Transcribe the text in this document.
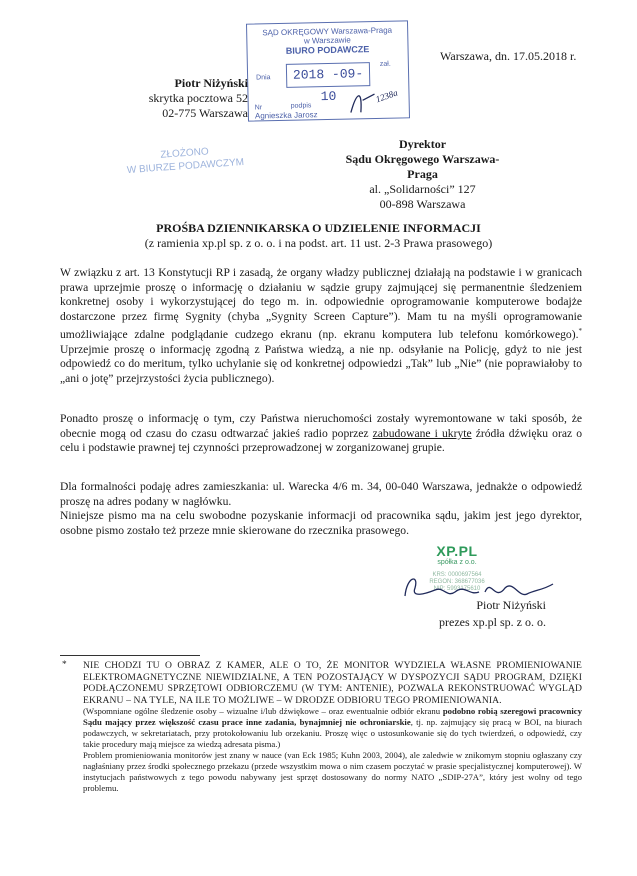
SĄD OKRĘGOWY Warszawa-Praga
w Warszawie
BIURO PODAWCZE
Dnia	2018 -09- 10
zał.
Nr	podpis
Agnieszka Jarosz
1238a
ZŁOŻONO
W BIURZE PODAWCZYM
Warszawa, dn. 17.05.2018 r.
Piotr Niżyński
skrytka pocztowa 52
02-775 Warszawa
Dyrektor
Sądu Okręgowego Warszawa-Praga
al. „Solidarności” 127
00-898 Warszawa
PROŚBA DZIENNIKARSKA O UDZIELENIE INFORMACJI
(z ramienia xp.pl sp. z o. o. i na podst. art. 11 ust. 2-3 Prawa prasowego)

W związku z art. 13 Konstytucji RP i zasadą, że organy władzy publicznej działają na podstawie i w granicach prawa uprzejmie proszę o informację o działaniu w sądzie grupy zajmującej się permanentnie śledzeniem konkretnej osoby i wykorzystującej do tego m. in. odpowiednie oprogramowanie komputerowe bodajże dostarczone przez firmę Sygnity (chyba „Sygnity Screen Capture”). Mam tu na myśli oprogramowanie umożliwiające zdalne podglądanie cudzego ekranu (np. ekranu komputera lub telefonu komórkowego).* Uprzejmie proszę o informację zgodną z Państwa wiedzą, a nie np. odsyłanie na Policję, gdyż to nie jest odpowiedź co do meritum, tylko uchylanie się od konkretnej odpowiedzi „Tak” lub „Nie” (nie poprawiałoby to „ani o jotę” przejrzystości życia publicznego).

Ponadto proszę o informację o tym, czy Państwa nieruchomości zostały wyremontowane w taki sposób, że obecnie mogą od czasu do czasu odtwarzać jakieś radio poprzez zabudowane i ukryte źródła dźwięku oraz o celu i podstawie prawnej tej czynności przeprowadzonej w zorganizowanej grupie.

Dla formalności podaję adres zamieszkania: ul. Warecka 4/6 m. 34, 00-040 Warszawa, jednakże o odpowiedź proszę na adres podany w nagłówku.

Niniejsze pismo ma na celu swobodne pozyskanie informacji od pracownika sądu, jakim jest jego dyrektor, osobne pismo zostało też przeze mnie skierowane do rzecznika prasowego.

XP.PL
spółka z o.o.
KRS: 0000697564
REGON: 368677036
NIP: 5993175610
Piotr Niżyński
prezes xp.pl sp. z o. o.
* NIE CHODZI TU O OBRAZ Z KAMER, ALE O TO, ŻE MONITOR WYDZIELA WŁASNE PROMIENIOWANIE ELEKTROMAGNETYCZNE NIEWIDZIALNE, A TEN POZOSTAJĄCY W DYSPOZYCJI SĄDU PROGRAM, DZIĘKI PODŁĄCZONEMU SPRZĘTOWI ODBIORCZEMU (W TYM: ANTENIE), POZWALA REKONSTRUOWAĆ WYGLĄD EKRANU – NA TYLE, NA ILE TO MOŻLIWE – W DRODZE ODBIORU TEGO PROMIENIOWANIA.

(Wspomniane ogólne śledzenie osoby – wizualne i/lub dźwiękowe – oraz ewentualnie odbiór ekranu podobno robią szeregowi pracownicy Sądu mający przez większość czasu prace inne zadania, bynajmniej nie ochroniarskie, tj. np. zajmujący się pracą w BOI, na biurach podawczych, w sekretariatach, przy protokołowaniu lub orzekaniu. Proszę więc o ustosunkowanie się do tych twierdzeń, o odpowiedź, czy takie procedury mają miejsce za wiedzą adresata pisma.)

Problem promieniowania monitorów jest znany w nauce (van Eck 1985; Kuhn 2003, 2004), ale zaledwie w znikomym stopniu ogłaszany czy nagłaśniany przez środki społecznego przekazu (przede wszystkim mowa o nim czasem poczytać w prasie specjalistycznej komputerowej). W instytucjach państwowych z tego powodu nabywany jest sprzęt dostosowany do normy NATO „SDIP-27A”, który jest wolny od tego problemu.
